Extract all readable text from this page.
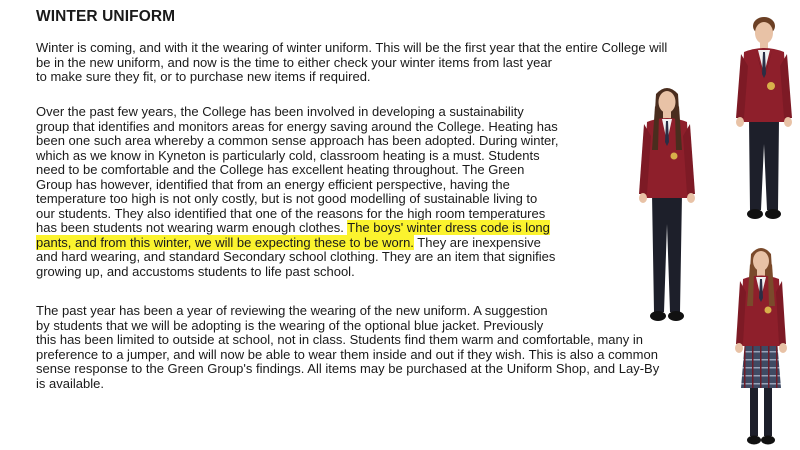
WINTER UNIFORM

Winter is coming, and with it the wearing of winter uniform. This will be the first year that the entire College will
be in the new uniform, and now is the time to either check your winter items from last year
to make sure they fit, or to purchase new items if required.

Over the past few years, the College has been involved in developing a sustainability
group that identifies and monitors areas for energy saving around the College. Heating has
been one such area whereby a common sense approach has been adopted. During winter,
which as we know in Kyneton is particularly cold, classroom heating is a must. Students
need to be comfortable and the College has excellent heating throughout. The Green
Group has however, identified that from an energy efficient perspective, having the
temperature too high is not only costly, but is not good modelling of sustainable living to
our students. They also identified that one of the reasons for the high room temperatures
has been students not wearing warm enough clothes. The boys' winter dress code is long
pants, and from this winter, we will be expecting these to be worn. They are inexpensive
and hard wearing, and standard Secondary school clothing. They are an item that signifies
growing up, and accustoms students to life past school.

The past year has been a year of reviewing the wearing of the new uniform. A suggestion
by students that we will be adopting is the wearing of the optional blue jacket. Previously
this has been limited to outside at school, not in class. Students find them warm and comfortable, many in
preference to a jumper, and will now be able to wear them inside and out if they wish. This is also a common
sense response to the Green Group's findings. All items may be purchased at the Uniform Shop, and Lay-By
is available.
